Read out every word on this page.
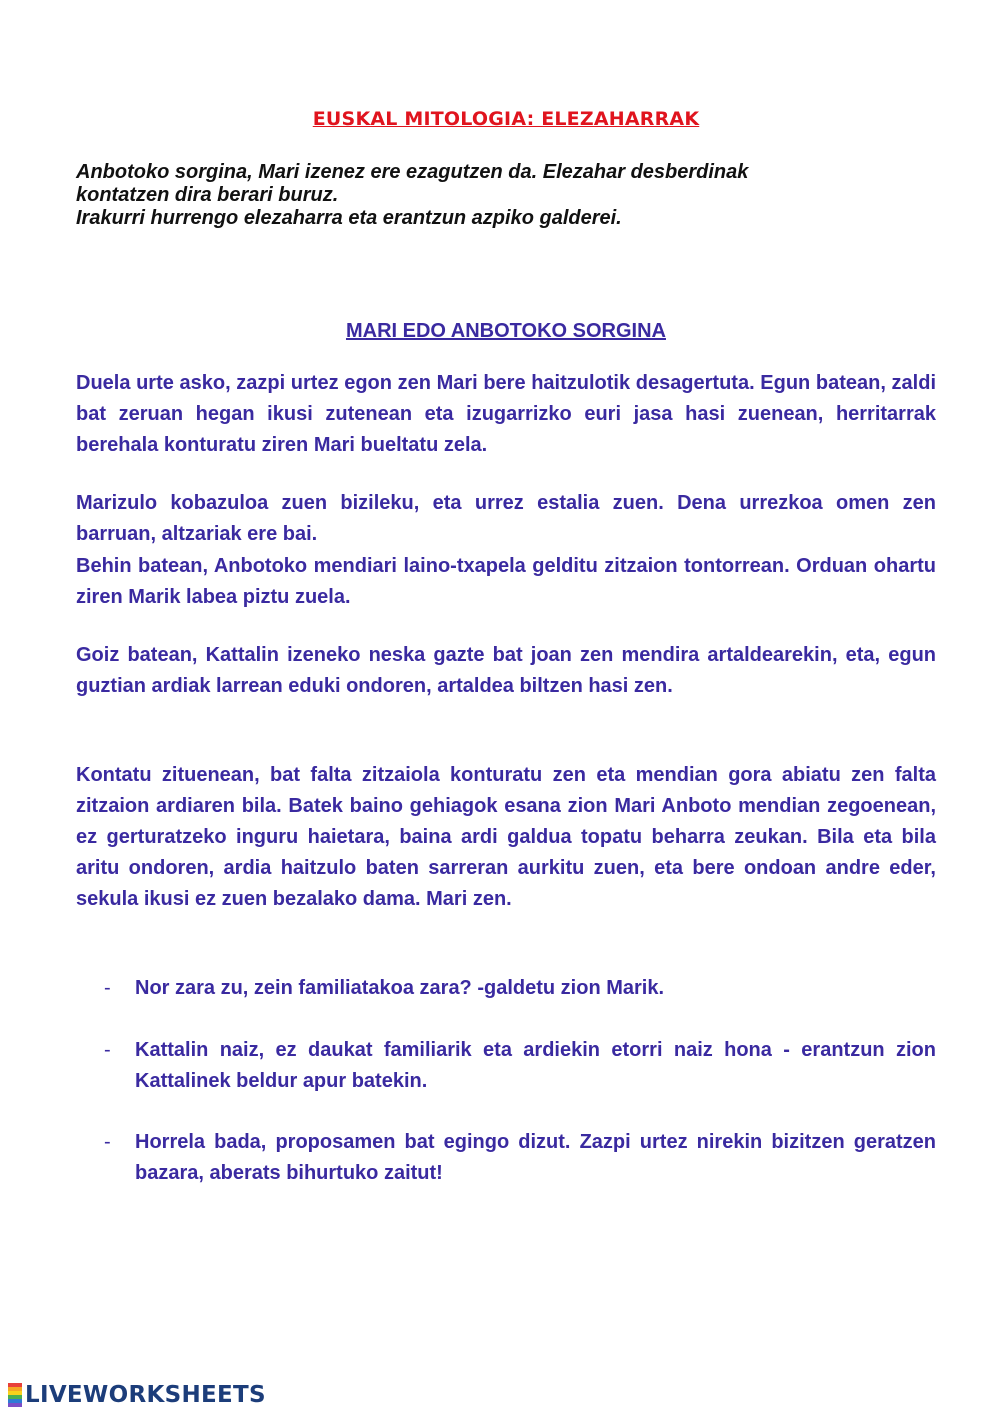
EUSKAL MITOLOGIA: ELEZAHARRAK
Anbotoko sorgina, Mari izenez ere ezagutzen da. Elezahar desberdinak
kontatzen dira berari buruz.
Irakurri hurrengo elezaharra eta erantzun azpiko galderei.
MARI EDO ANBOTOKO SORGINA

Duela urte asko, zazpi urtez egon zen Mari bere haitzulotik desagertuta. Egun batean, zaldi bat zeruan hegan ikusi zutenean eta izugarrizko euri jasa hasi zuenean, herritarrak berehala konturatu ziren Mari bueltatu zela.

Marizulo kobazuloa zuen bizileku, eta urrez estalia zuen. Dena urrezkoa omen zen barruan, altzariak ere bai.

Behin batean, Anbotoko mendiari laino-txapela gelditu zitzaion tontorrean. Orduan ohartu ziren Marik labea piztu zuela.

Goiz batean, Kattalin izeneko neska gazte bat joan zen mendira artaldearekin, eta, egun guztian ardiak larrean eduki ondoren, artaldea biltzen hasi zen.

Kontatu zituenean, bat falta zitzaiola konturatu zen eta mendian gora abiatu zen falta zitzaion ardiaren bila. Batek baino gehiagok esana zion Mari Anboto mendian zegoenean, ez gerturatzeko inguru haietara, baina ardi galdua topatu beharra zeukan. Bila eta bila aritu ondoren, ardia haitzulo baten sarreran aurkitu zuen, eta bere ondoan andre eder, sekula ikusi ez zuen bezalako dama. Mari zen.

- Nor zara zu, zein familiatakoa zara? -galdetu zion Marik.
- Kattalin naiz, ez daukat familiarik eta ardiekin etorri naiz hona - erantzun zion Kattalinek beldur apur batekin.
- Horrela bada, proposamen bat egingo dizut. Zazpi urtez nirekin bizitzen geratzen bazara, aberats bihurtuko zaitut!
LIVEWORKSHEETS
